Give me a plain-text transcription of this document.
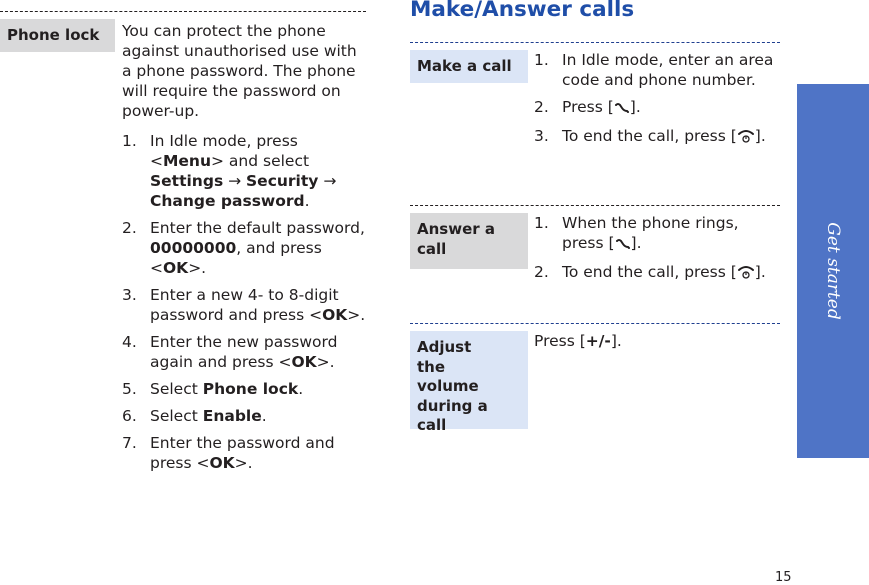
Phone lock	You can protect the phone against unauthorised use with a phone password. The phone will require the password on power-up.

1. In Idle mode, press <Menu> and select Settings → Security → Change password.
2. Enter the default password, 00000000, and press <OK>.
3. Enter a new 4- to 8-digit password and press <OK>.
4. Enter the new password again and press <OK>.
5. Select Phone lock.
6. Select Enable.
7. Enter the password and press <OK>.
Make/Answer calls
Make a call	1. In Idle mode, enter an area code and phone number.
2. Press [ ].
3. To end the call, press [ ].
Answer a call
1. When the phone rings, press [ ].
2. To end the call, press [ ].
Adjust the volume during a call
Press [+/-].
Get started
15
